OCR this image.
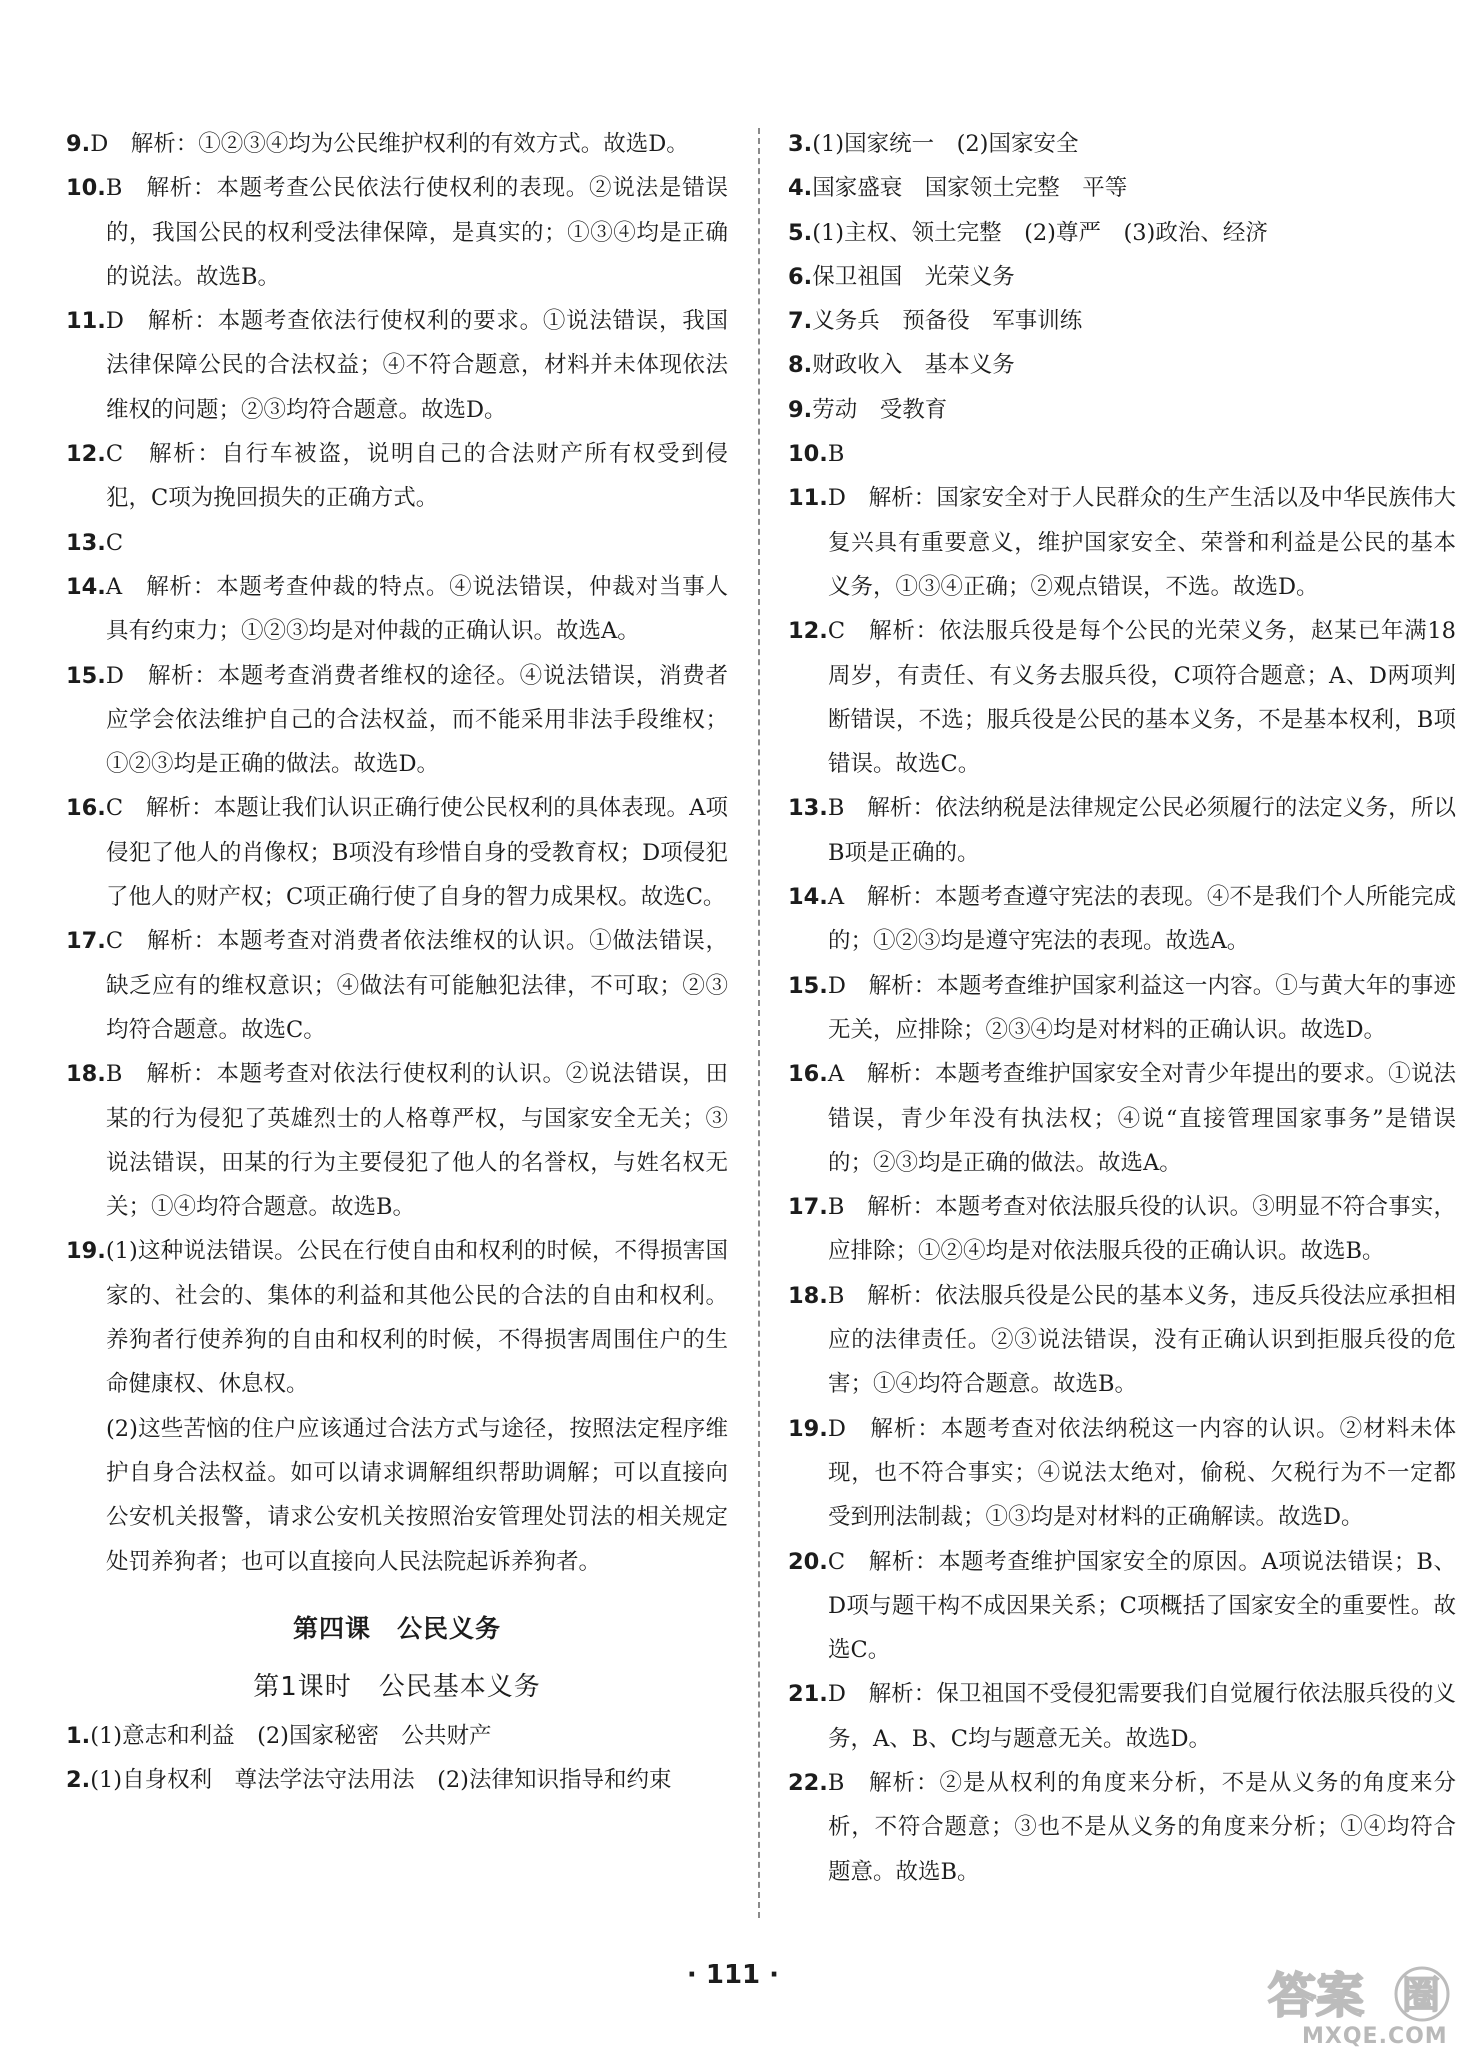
9.D　解析：①②③④均为公民维护权利的有效方式。故选D。
10.B　解析：本题考查公民依法行使权利的表现。②说法是错误的，我国公民的权利受法律保障，是真实的；①③④均是正确的说法。故选B。
11.D　解析：本题考查依法行使权利的要求。①说法错误，我国法律保障公民的合法权益；④不符合题意，材料并未体现依法维权的问题；②③均符合题意。故选D。
12.C　解析：自行车被盗，说明自己的合法财产所有权受到侵犯，C项为挽回损失的正确方式。
13.C
14.A　解析：本题考查仲裁的特点。④说法错误，仲裁对当事人具有约束力；①②③均是对仲裁的正确认识。故选A。
15.D　解析：本题考查消费者维权的途径。④说法错误，消费者应学会依法维护自己的合法权益，而不能采用非法手段维权；①②③均是正确的做法。故选D。
16.C　解析：本题让我们认识正确行使公民权利的具体表现。A项侵犯了他人的肖像权；B项没有珍惜自身的受教育权；D项侵犯了他人的财产权；C项正确行使了自身的智力成果权。故选C。
17.C　解析：本题考查对消费者依法维权的认识。①做法错误，缺乏应有的维权意识；④做法有可能触犯法律，不可取；②③均符合题意。故选C。
18.B　解析：本题考查对依法行使权利的认识。②说法错误，田某的行为侵犯了英雄烈士的人格尊严权，与国家安全无关；③说法错误，田某的行为主要侵犯了他人的名誉权，与姓名权无关；①④均符合题意。故选B。
19.(1)这种说法错误。公民在行使自由和权利的时候，不得损害国家的、社会的、集体的利益和其他公民的合法的自由和权利。养狗者行使养狗的自由和权利的时候，不得损害周围住户的生命健康权、休息权。
(2)这些苦恼的住户应该通过合法方式与途径，按照法定程序维护自身合法权益。如可以请求调解组织帮助调解；可以直接向公安机关报警，请求公安机关按照治安管理处罚法的相关规定处罚养狗者；也可以直接向人民法院起诉养狗者。
第四课　公民义务
第1课时　公民基本义务
1.(1)意志和利益　(2)国家秘密　公共财产
2.(1)自身权利　尊法学法守法用法　(2)法律知识指导和约束
3.(1)国家统一　(2)国家安全
4.国家盛衰　国家领土完整　平等
5.(1)主权、领土完整　(2)尊严　(3)政治、经济
6.保卫祖国　光荣义务
7.义务兵　预备役　军事训练
8.财政收入　基本义务
9.劳动　受教育
10.B
11.D　解析：国家安全对于人民群众的生产生活以及中华民族伟大复兴具有重要意义，维护国家安全、荣誉和利益是公民的基本义务，①③④正确；②观点错误，不选。故选D。
12.C　解析：依法服兵役是每个公民的光荣义务，赵某已年满18周岁，有责任、有义务去服兵役，C项符合题意；A、D两项判断错误，不选；服兵役是公民的基本义务，不是基本权利，B项错误。故选C。
13.B　解析：依法纳税是法律规定公民必须履行的法定义务，所以B项是正确的。
14.A　解析：本题考查遵守宪法的表现。④不是我们个人所能完成的；①②③均是遵守宪法的表现。故选A。
15.D　解析：本题考查维护国家利益这一内容。①与黄大年的事迹无关，应排除；②③④均是对材料的正确认识。故选D。
16.A　解析：本题考查维护国家安全对青少年提出的要求。①说法错误，青少年没有执法权；④说“直接管理国家事务”是错误的；②③均是正确的做法。故选A。
17.B　解析：本题考查对依法服兵役的认识。③明显不符合事实，应排除；①②④均是对依法服兵役的正确认识。故选B。
18.B　解析：依法服兵役是公民的基本义务，违反兵役法应承担相应的法律责任。②③说法错误，没有正确认识到拒服兵役的危害；①④均符合题意。故选B。
19.D　解析：本题考查对依法纳税这一内容的认识。②材料未体现，也不符合事实；④说法太绝对，偷税、欠税行为不一定都受到刑法制裁；①③均是对材料的正确解读。故选D。
20.C　解析：本题考查维护国家安全的原因。A项说法错误；B、D项与题干构不成因果关系；C项概括了国家安全的重要性。故选C。
21.D　解析：保卫祖国不受侵犯需要我们自觉履行依法服兵役的义务，A、B、C均与题意无关。故选D。
22.B　解析：②是从权利的角度来分析，不是从义务的角度来分析，不符合题意；③也不是从义务的角度来分析；①④均符合题意。故选B。
· 111 ·	答案 圈
MXQE.COM
